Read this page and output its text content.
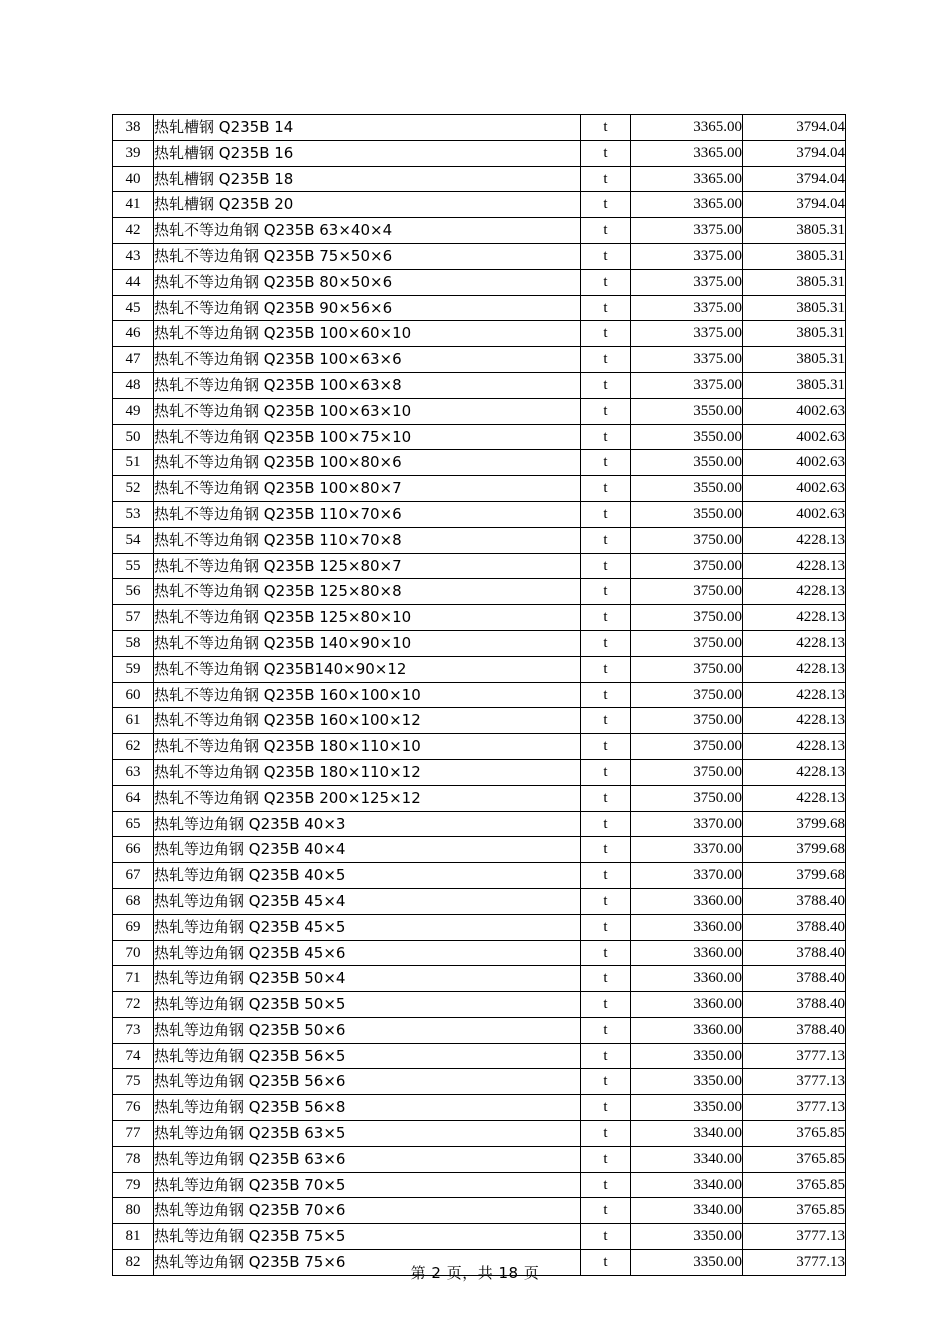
38	热轧槽钢 Q235B 14	t	3365.00	3794.04
39	热轧槽钢 Q235B 16	t	3365.00	3794.04
40	热轧槽钢 Q235B 18	t	3365.00	3794.04
41	热轧槽钢 Q235B 20	t	3365.00	3794.04
42	热轧不等边角钢 Q235B 63×40×4	t	3375.00	3805.31
43	热轧不等边角钢 Q235B 75×50×6	t	3375.00	3805.31
44	热轧不等边角钢 Q235B 80×50×6	t	3375.00	3805.31
45	热轧不等边角钢 Q235B 90×56×6	t	3375.00	3805.31
46	热轧不等边角钢 Q235B 100×60×10	t	3375.00	3805.31
47	热轧不等边角钢 Q235B 100×63×6	t	3375.00	3805.31
48	热轧不等边角钢 Q235B 100×63×8	t	3375.00	3805.31
49	热轧不等边角钢 Q235B 100×63×10	t	3550.00	4002.63
50	热轧不等边角钢 Q235B 100×75×10	t	3550.00	4002.63
51	热轧不等边角钢 Q235B 100×80×6	t	3550.00	4002.63
52	热轧不等边角钢 Q235B 100×80×7	t	3550.00	4002.63
53	热轧不等边角钢 Q235B 110×70×6	t	3550.00	4002.63
54	热轧不等边角钢 Q235B 110×70×8	t	3750.00	4228.13
55	热轧不等边角钢 Q235B 125×80×7	t	3750.00	4228.13
56	热轧不等边角钢 Q235B 125×80×8	t	3750.00	4228.13
57	热轧不等边角钢 Q235B 125×80×10	t	3750.00	4228.13
58	热轧不等边角钢 Q235B 140×90×10	t	3750.00	4228.13
59	热轧不等边角钢 Q235B140×90×12	t	3750.00	4228.13
60	热轧不等边角钢 Q235B 160×100×10	t	3750.00	4228.13
61	热轧不等边角钢 Q235B 160×100×12	t	3750.00	4228.13
62	热轧不等边角钢 Q235B 180×110×10	t	3750.00	4228.13
63	热轧不等边角钢 Q235B 180×110×12	t	3750.00	4228.13
64	热轧不等边角钢 Q235B 200×125×12	t	3750.00	4228.13
65	热轧等边角钢 Q235B 40×3	t	3370.00	3799.68
66	热轧等边角钢 Q235B 40×4	t	3370.00	3799.68
67	热轧等边角钢 Q235B 40×5	t	3370.00	3799.68
68	热轧等边角钢 Q235B 45×4	t	3360.00	3788.40
69	热轧等边角钢 Q235B 45×5	t	3360.00	3788.40
70	热轧等边角钢 Q235B 45×6	t	3360.00	3788.40
71	热轧等边角钢 Q235B 50×4	t	3360.00	3788.40
72	热轧等边角钢 Q235B 50×5	t	3360.00	3788.40
73	热轧等边角钢 Q235B 50×6	t	3360.00	3788.40
74	热轧等边角钢 Q235B 56×5	t	3350.00	3777.13
75	热轧等边角钢 Q235B 56×6	t	3350.00	3777.13
76	热轧等边角钢 Q235B 56×8	t	3350.00	3777.13
77	热轧等边角钢 Q235B 63×5	t	3340.00	3765.85
78	热轧等边角钢 Q235B 63×6	t	3340.00	3765.85
79	热轧等边角钢 Q235B 70×5	t	3340.00	3765.85
80	热轧等边角钢 Q235B 70×6	t	3340.00	3765.85
81	热轧等边角钢 Q235B 75×5	t	3350.00	3777.13
82	热轧等边角钢 Q235B 75×6	t	3350.00	3777.13
第 2 页，共 18 页
